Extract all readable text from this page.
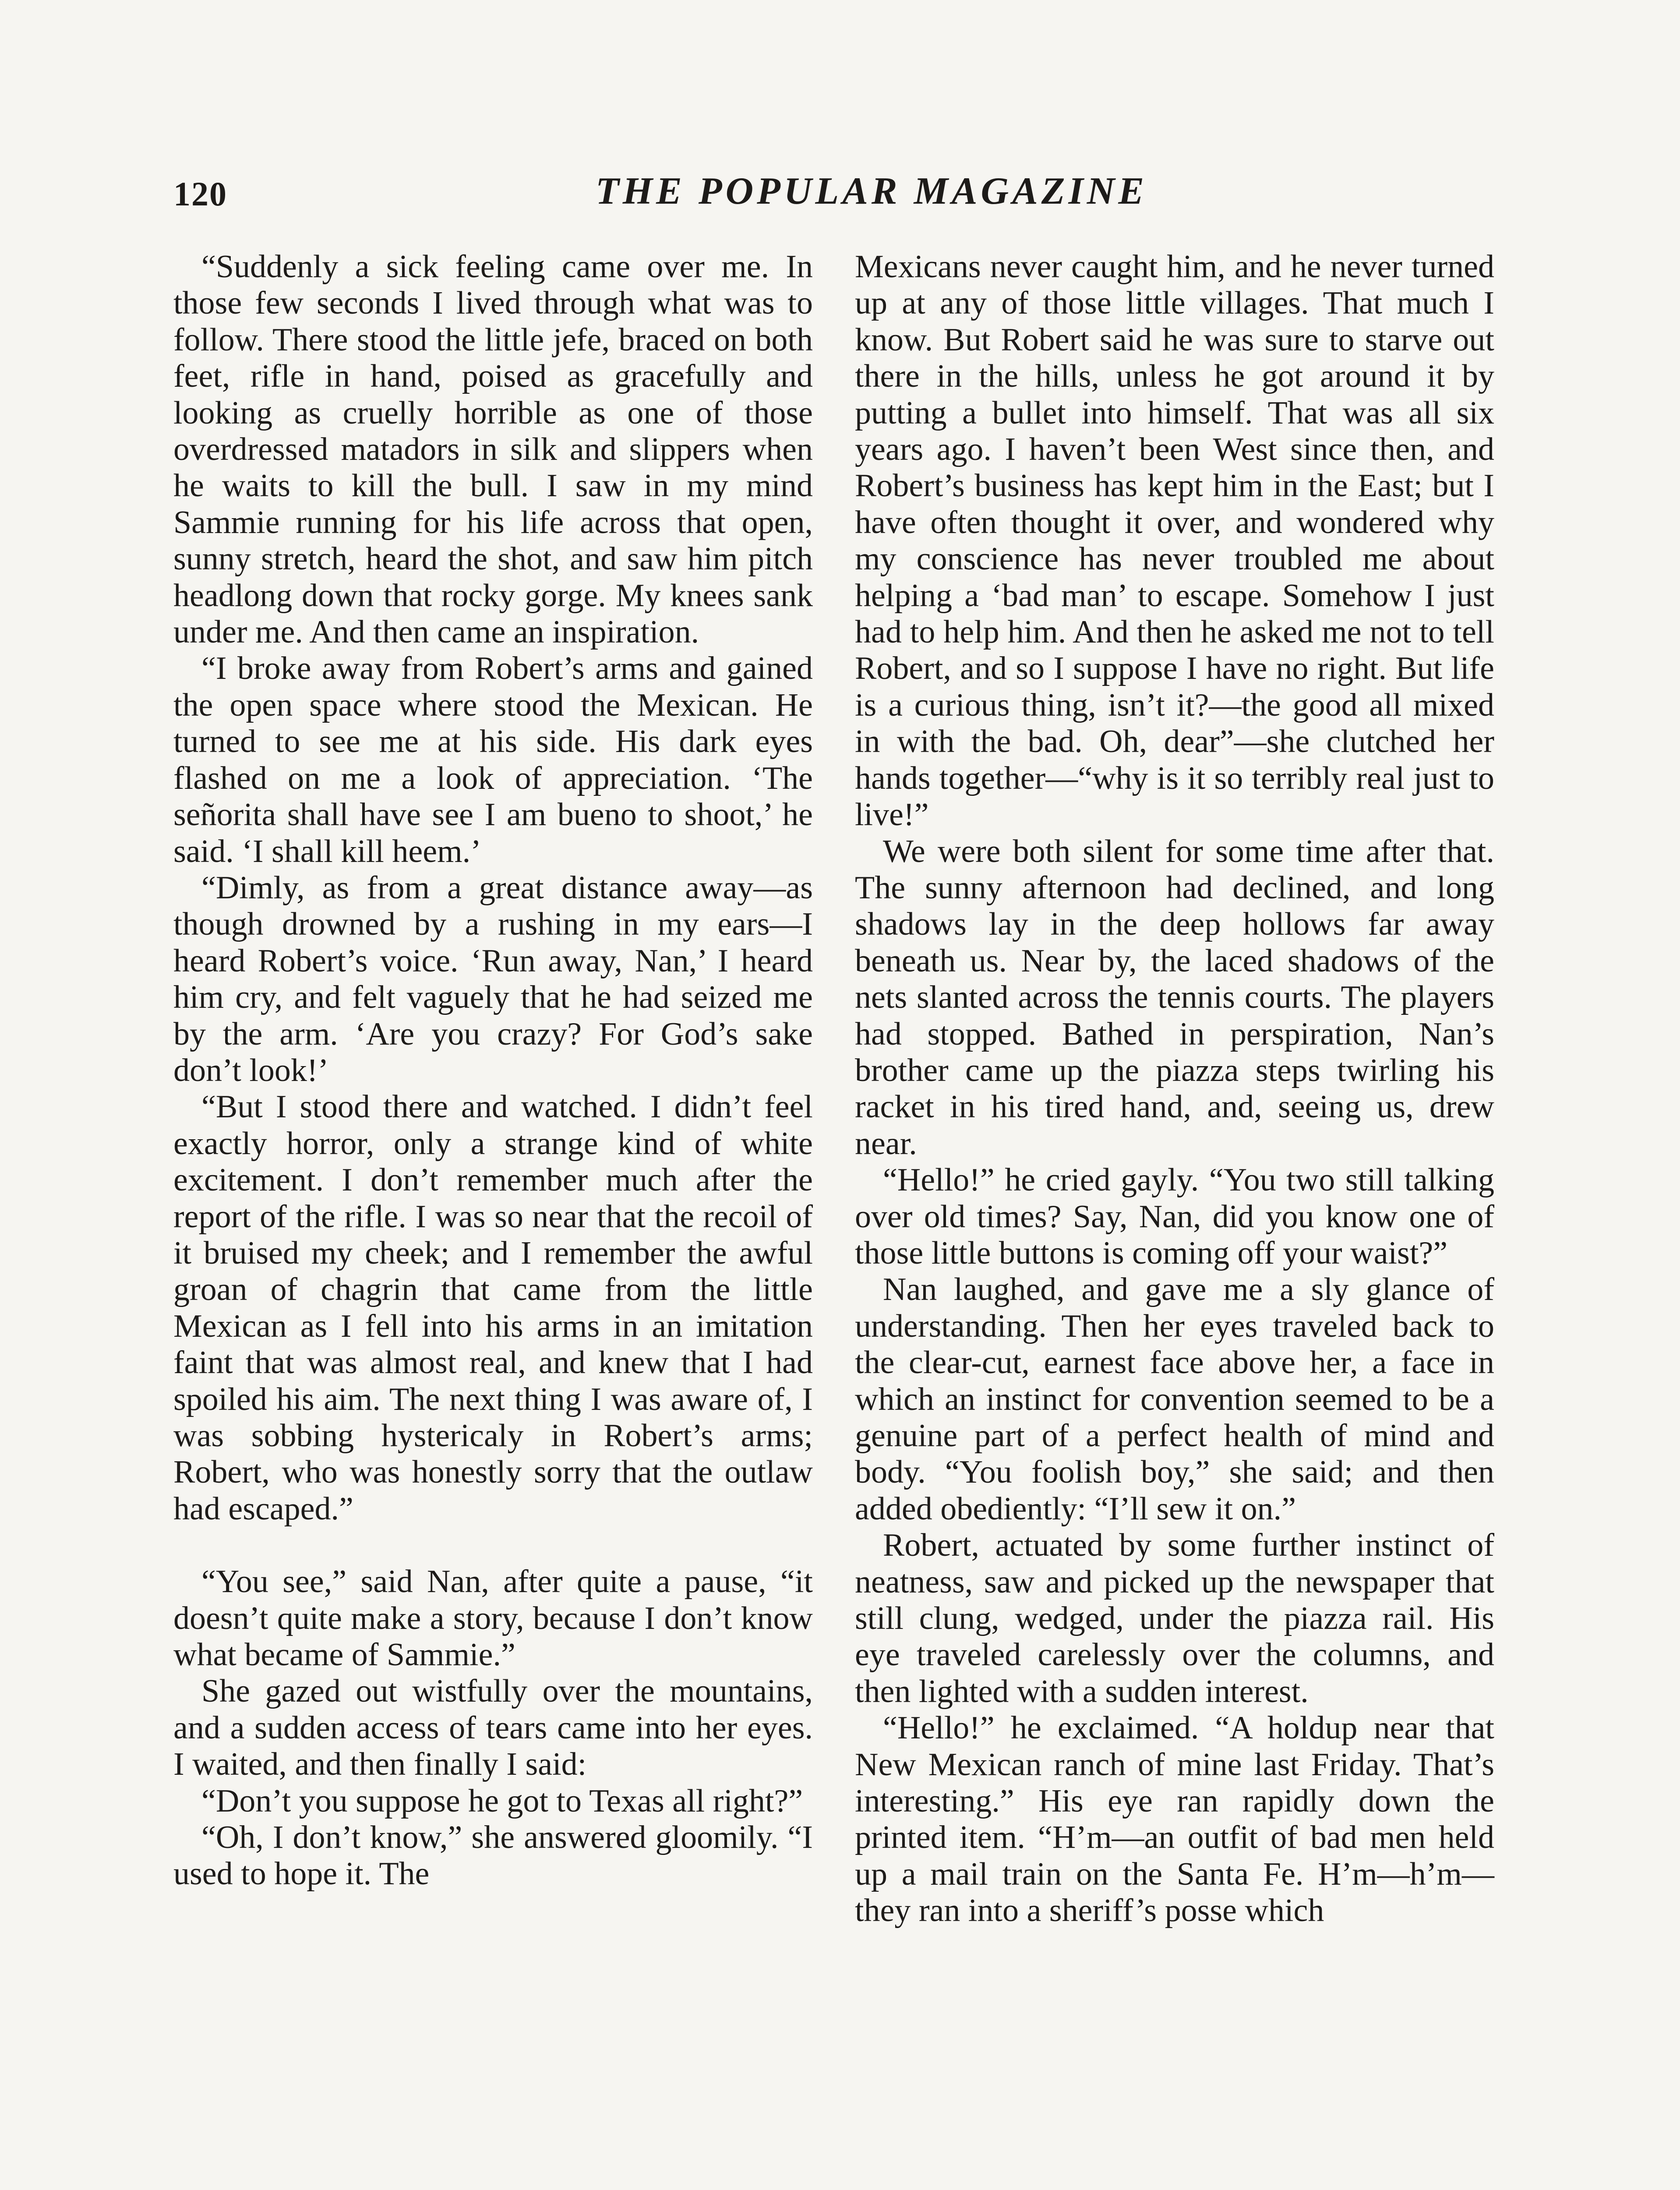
120	THE POPULAR MAGAZINE

“Suddenly a sick feeling came over me. In those few seconds I lived through what was to follow. There stood the little jefe, braced on both feet, rifle in hand, poised as gracefully and looking as cruelly horrible as one of those overdressed matadors in silk and slippers when he waits to kill the bull. I saw in my mind Sammie running for his life across that open, sunny stretch, heard the shot, and saw him pitch headlong down that rocky gorge. My knees sank under me. And then came an inspiration.

“I broke away from Robert’s arms and gained the open space where stood the Mexican. He turned to see me at his side. His dark eyes flashed on me a look of appreciation. ‘The señorita shall have see I am bueno to shoot,’ he said. ‘I shall kill heem.’

“Dimly, as from a great distance away—as though drowned by a rushing in my ears—I heard Robert’s voice. ‘Run away, Nan,’ I heard him cry, and felt vaguely that he had seized me by the arm. ‘Are you crazy? For God’s sake don’t look!’

“But I stood there and watched. I didn’t feel exactly horror, only a strange kind of white excitement. I don’t remember much after the report of the rifle. I was so near that the recoil of it bruised my cheek; and I remember the awful groan of chagrin that came from the little Mexican as I fell into his arms in an imitation faint that was almost real, and knew that I had spoiled his aim. The next thing I was aware of, I was sobbing hystericaly in Robert’s arms; Robert, who was honestly sorry that the outlaw had escaped.”

“You see,” said Nan, after quite a pause, “it doesn’t quite make a story, because I don’t know what became of Sammie.”

She gazed out wistfully over the mountains, and a sudden access of tears came into her eyes. I waited, and then finally I said:

“Don’t you suppose he got to Texas all right?”

“Oh, I don’t know,” she answered gloomily. “I used to hope it. The

Mexicans never caught him, and he never turned up at any of those little villages. That much I know. But Robert said he was sure to starve out there in the hills, unless he got around it by putting a bullet into himself. That was all six years ago. I haven’t been West since then, and Robert’s business has kept him in the East; but I have often thought it over, and wondered why my conscience has never troubled me about helping a ‘bad man’ to escape. Somehow I just had to help him. And then he asked me not to tell Robert, and so I suppose I have no right. But life is a curious thing, isn’t it?—the good all mixed in with the bad. Oh, dear”—she clutched her hands together—“why is it so terribly real just to live!”

We were both silent for some time after that. The sunny afternoon had declined, and long shadows lay in the deep hollows far away beneath us. Near by, the laced shadows of the nets slanted across the tennis courts. The players had stopped. Bathed in perspiration, Nan’s brother came up the piazza steps twirling his racket in his tired hand, and, seeing us, drew near.

“Hello!” he cried gayly. “You two still talking over old times? Say, Nan, did you know one of those little buttons is coming off your waist?”

Nan laughed, and gave me a sly glance of understanding. Then her eyes traveled back to the clear-cut, earnest face above her, a face in which an instinct for convention seemed to be a genuine part of a perfect health of mind and body. “You foolish boy,” she said; and then added obediently: “I’ll sew it on.”

Robert, actuated by some further instinct of neatness, saw and picked up the newspaper that still clung, wedged, under the piazza rail. His eye traveled carelessly over the columns, and then lighted with a sudden interest.

“Hello!” he exclaimed. “A holdup near that New Mexican ranch of mine last Friday. That’s interesting.” His eye ran rapidly down the printed item. “H’m—an outfit of bad men held up a mail train on the Santa Fe. H’m—h’m—they ran into a sheriff’s posse which
